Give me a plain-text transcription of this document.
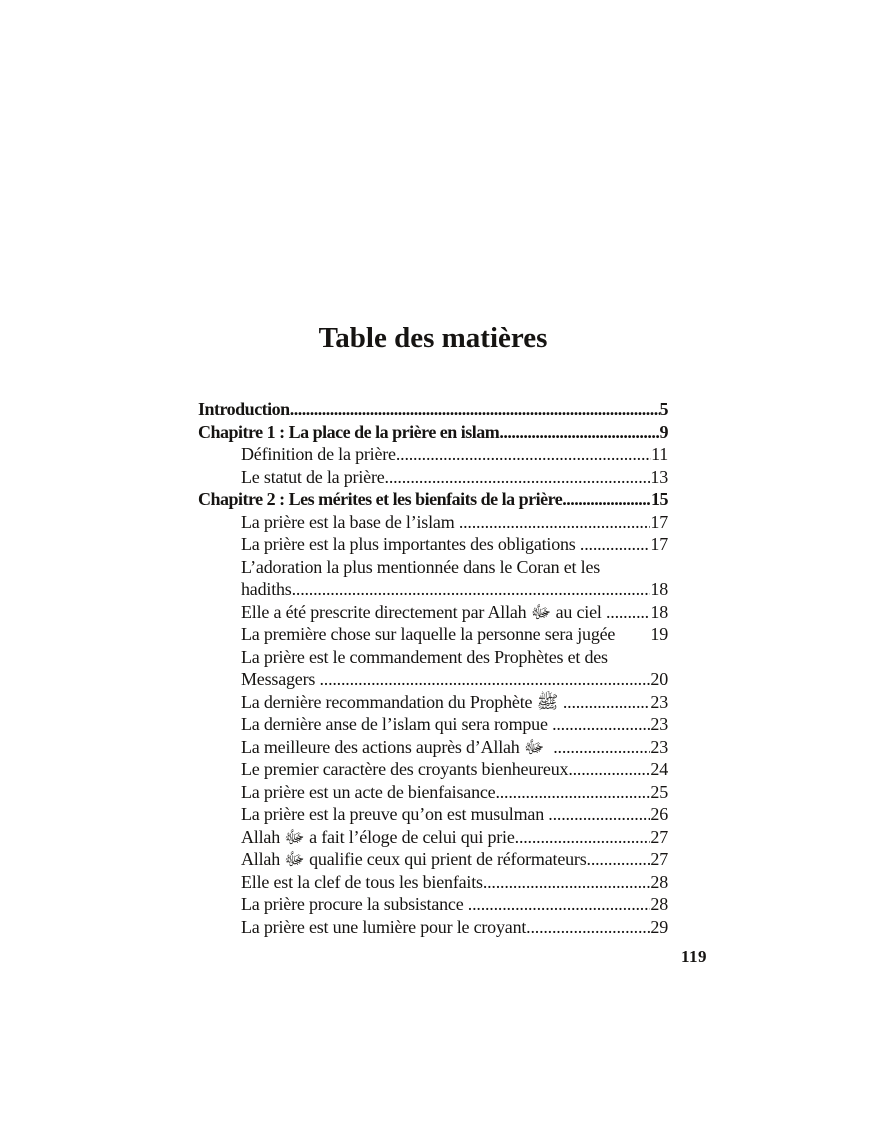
Table des matières
Introduction .....	5
Chapitre 1 : La place de la prière en islam .....	9
Définition de la prière .....	11
Le statut de la prière .....	13
Chapitre 2 : Les mérites et les bienfaits de la prière .....	15
La prière est la base de l’islam .....	17
La prière est la plus importantes des obligations .....	17
L’adoration la plus mentionnée dans le Coran et les
hadiths .....	18
Elle a été prescrite directement par Allah ﷻ au ciel ..... 18
La première chose sur laquelle la personne sera jugée 19
La prière est le commandement des Prophètes et des
Messagers .....	20
La dernière recommandation du Prophète ﷺ .....	23
La dernière anse de l’islam qui sera rompue .....	23
La meilleure des actions auprès d’Allah ﷻ .....	23
Le premier caractère des croyants bienheureux .....	24
La prière est un acte de bienfaisance .....	25
La prière est la preuve qu’on est musulman .....	26
Allah ﷻ a fait l’éloge de celui qui prie .....	27
Allah ﷻ qualifie ceux qui prient de réformateurs .....	27
Elle est la clef de tous les bienfaits .....	28
La prière procure la subsistance .....	28
La prière est une lumière pour le croyant .....	29
119
